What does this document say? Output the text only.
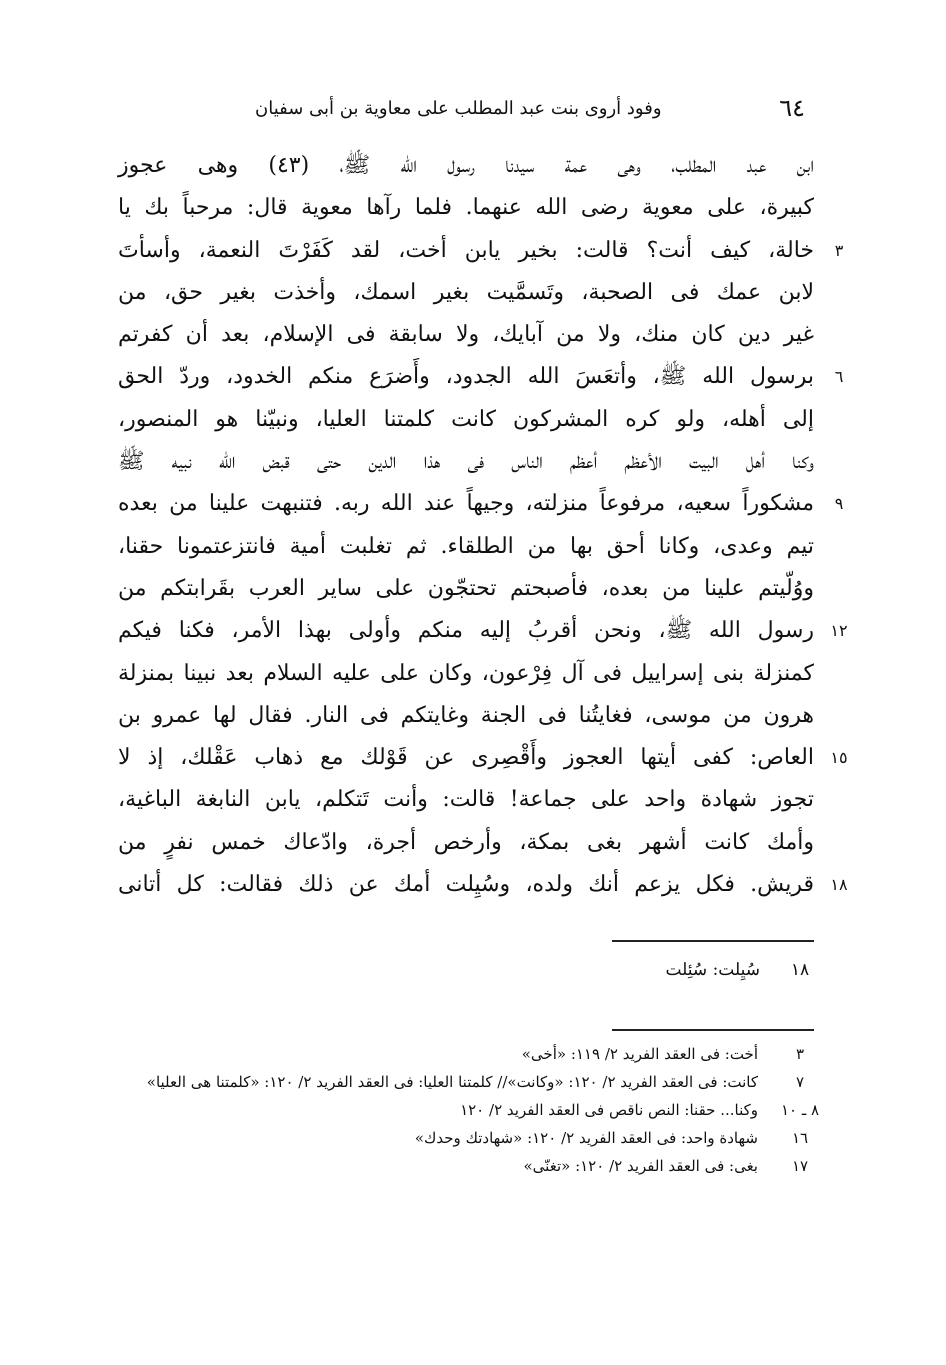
٦٤
وفود أروى بنت عبد المطلب على معاوية بن أبى سفيان
ابن عبد المطلب، وهى عمة سيدنا رسول الله ﷺ، (٤٣) وهى عجوز
كبيرة، على معوية رضى الله عنهما. فلما رآها معوية قال: مرحباً بك يا
٣
خالة، كيف أنت؟ قالت: بخير يابن أخت، لقد كَفَرْتَ النعمة، وأسأتَ
لابن عمك فى الصحبة، وتَسمَّيت بغير اسمك، وأخذت بغير حق، من
غير دين كان منك، ولا من آبايك، ولا سابقة فى الإسلام، بعد أن كفرتم
٦
برسول الله ﷺ، وأتعَسَ الله الجدود، وأَضرَع منكم الخدود، وردّ الحق
إلى أهله، ولو كره المشركون كانت كلمتنا العليا، ونبيّنا هو المنصور،
وكنا أهل البيت الأعظم أعظم الناس فى هذا الدين حتى قبض الله نبيه ﷺ
٩
مشكوراً سعيه، مرفوعاً منزلته، وجيهاً عند الله ربه. فتنبهت علينا من بعده
تيم وعدى، وكانا أحق بها من الطلقاء. ثم تغلبت أمية فانتزعتمونا حقنا،
ووُلّيتم علينا من بعده، فأصبحتم تحتجّون على ساير العرب بقَرابتكم من
١٢
رسول الله ﷺ، ونحن أقربُ إليه منكم وأولى بهذا الأمر، فكنا فيكم
كمنزلة بنى إسراييل فى آل فِرْعون، وكان على عليه السلام بعد نبينا بمنزلة
هرون من موسى، فغايتُنا فى الجنة وغايتكم فى النار. فقال لها عمرو بن
١٥
العاص: كفى أيتها العجوز وأَقْصِرى عن قَوْلك مع ذهاب عَقْلك، إذ لا
تجوز شهادة واحد على جماعة! قالت: وأنت تَتكلم، يابن النابغة الباغية،
وأمك كانت أشهر بغى بمكة، وأرخص أجرة، وادّعاك خمس نفرٍ من
١٨
قريش. فكل يزعم أنك ولده، وسُيِلت أمك عن ذلك فقالت: كل أتانى
١٨
سُيِلت: سُئِلت
٣
أخت: فى العقد الفريد ٢/ ١١٩: «أخى»
٧
كانت: فى العقد الفريد ٢/ ١٢٠: «وكانت»// كلمتنا العليا: فى العقد الفريد ٢/ ١٢٠: «كلمتنا هى العليا»
٨ ـ ١٠
وكنا... حقنا: النص ناقص فى العقد الفريد ٢/ ١٢٠
١٦
شهادة واحد: فى العقد الفريد ٢/ ١٢٠: «شهادتك وحدك»
١٧
بغى: فى العقد الفريد ٢/ ١٢٠: «تغنّى»
